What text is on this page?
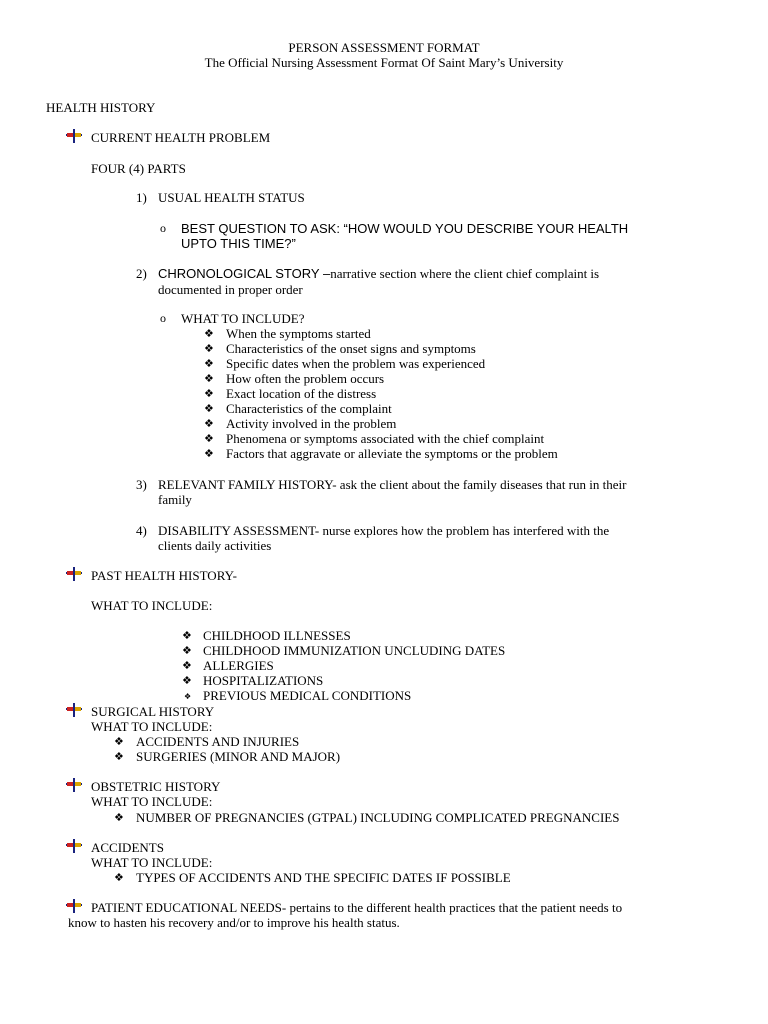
PERSON ASSESSMENT FORMAT
The Official Nursing Assessment Format Of Saint Mary’s University
HEALTH HISTORY
CURRENT HEALTH PROBLEM
FOUR (4) PARTS
1) USUAL HEALTH STATUS
o BEST QUESTION TO ASK: “HOW WOULD YOU DESCRIBE YOUR HEALTH
UPTO THIS TIME?”
2) CHRONOLOGICAL STORY –narrative section where the client chief complaint is
documented in proper order
o WHAT TO INCLUDE?
❖ When the symptoms started
❖ Characteristics of the onset signs and symptoms
❖ Specific dates when the problem was experienced
❖ How often the problem occurs
❖ Exact location of the distress
❖ Characteristics of the complaint
❖ Activity involved in the problem
❖ Phenomena or symptoms associated with the chief complaint
❖ Factors that aggravate or alleviate the symptoms or the problem
3) RELEVANT FAMILY HISTORY- ask the client about the family diseases that run in their
family
4) DISABILITY ASSESSMENT- nurse explores how the problem has interfered with the
clients daily activities
PAST HEALTH HISTORY-
WHAT TO INCLUDE:
❖ CHILDHOOD ILLNESSES
❖ CHILDHOOD IMMUNIZATION UNCLUDING DATES
❖ ALLERGIES
❖ HOSPITALIZATIONS
❖ PREVIOUS MEDICAL CONDITIONS
SURGICAL HISTORY
WHAT TO INCLUDE:
❖ ACCIDENTS AND INJURIES
❖ SURGERIES (MINOR AND MAJOR)
OBSTETRIC HISTORY
WHAT TO INCLUDE:
❖ NUMBER OF PREGNANCIES (GTPAL) INCLUDING COMPLICATED PREGNANCIES
ACCIDENTS
WHAT TO INCLUDE:
❖ TYPES OF ACCIDENTS AND THE SPECIFIC DATES IF POSSIBLE
PATIENT EDUCATIONAL NEEDS- pertains to the different health practices that the patient needs to
know to hasten his recovery and/or to improve his health status.
